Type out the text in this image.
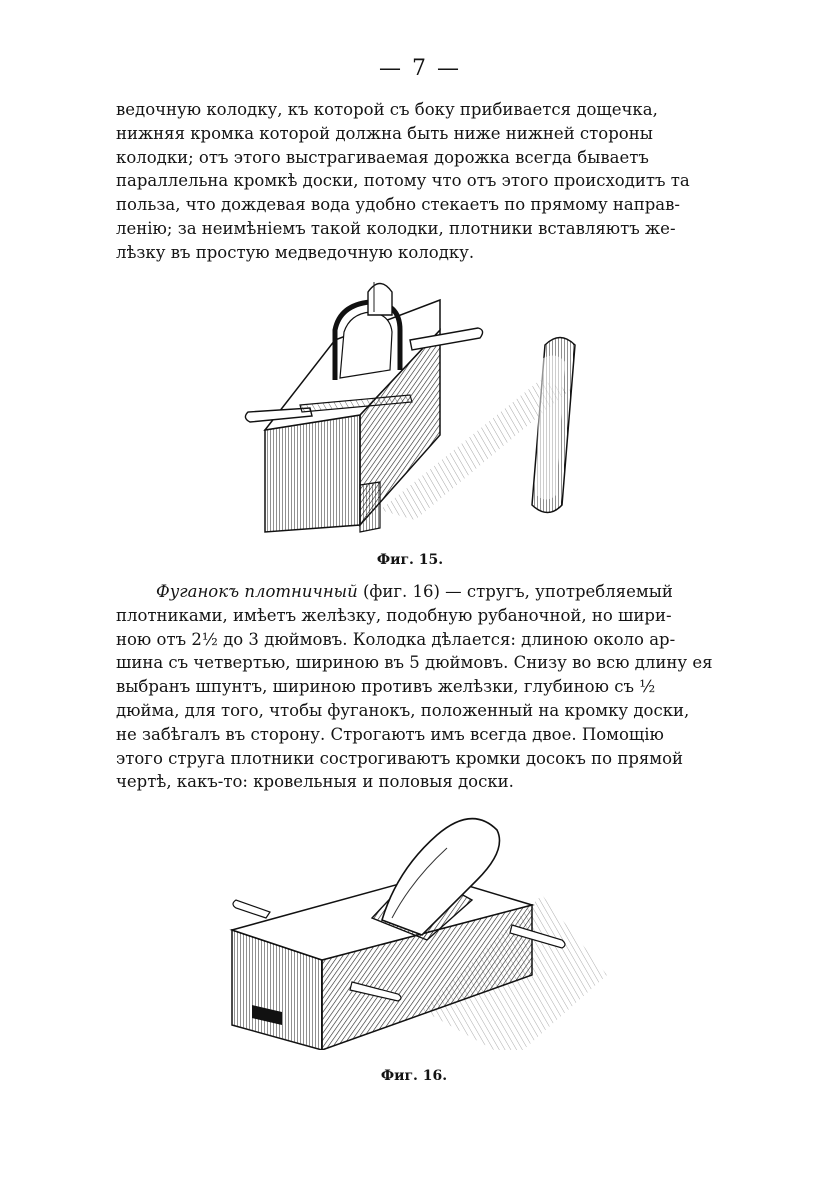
— 7 —
ведочную колодку, къ которой съ боку прибивается дощечка,
нижняя кромка которой должна быть ниже нижней стороны
колодки; отъ этого выстрагиваемая дорожка всегда бываетъ
параллельна кромкѣ доски, потому что отъ этого происходитъ та
польза, что дождевая вода удобно стекаетъ по прямому направ-
ленію; за неимѣніемъ такой колодки, плотники вставляютъ же-
лѣзку въ простую медведочную колодку.
Фиг. 15.
Фуганокъ плотничный (фиг. 16) — стругъ, употребляемый
плотниками, имѣетъ желѣзку, подобную рубаночной, но шири-
ною отъ 2½ до 3 дюймовъ. Колодка дѣлается: длиною около ар-
шина съ четвертью, шириною въ 5 дюймовъ. Снизу во всю длину ея
выбранъ шпунтъ, шириною противъ желѣзки, глубиною съ ½
дюйма, для того, чтобы фуганокъ, положенный на кромку доски,
не забѣгалъ въ сторону. Строгаютъ имъ всегда двое. Помощію
этого струга плотники сострогиваютъ кромки досокъ по прямой
чертѣ, какъ-то: кровельныя и половыя доски.
Фиг. 16.
